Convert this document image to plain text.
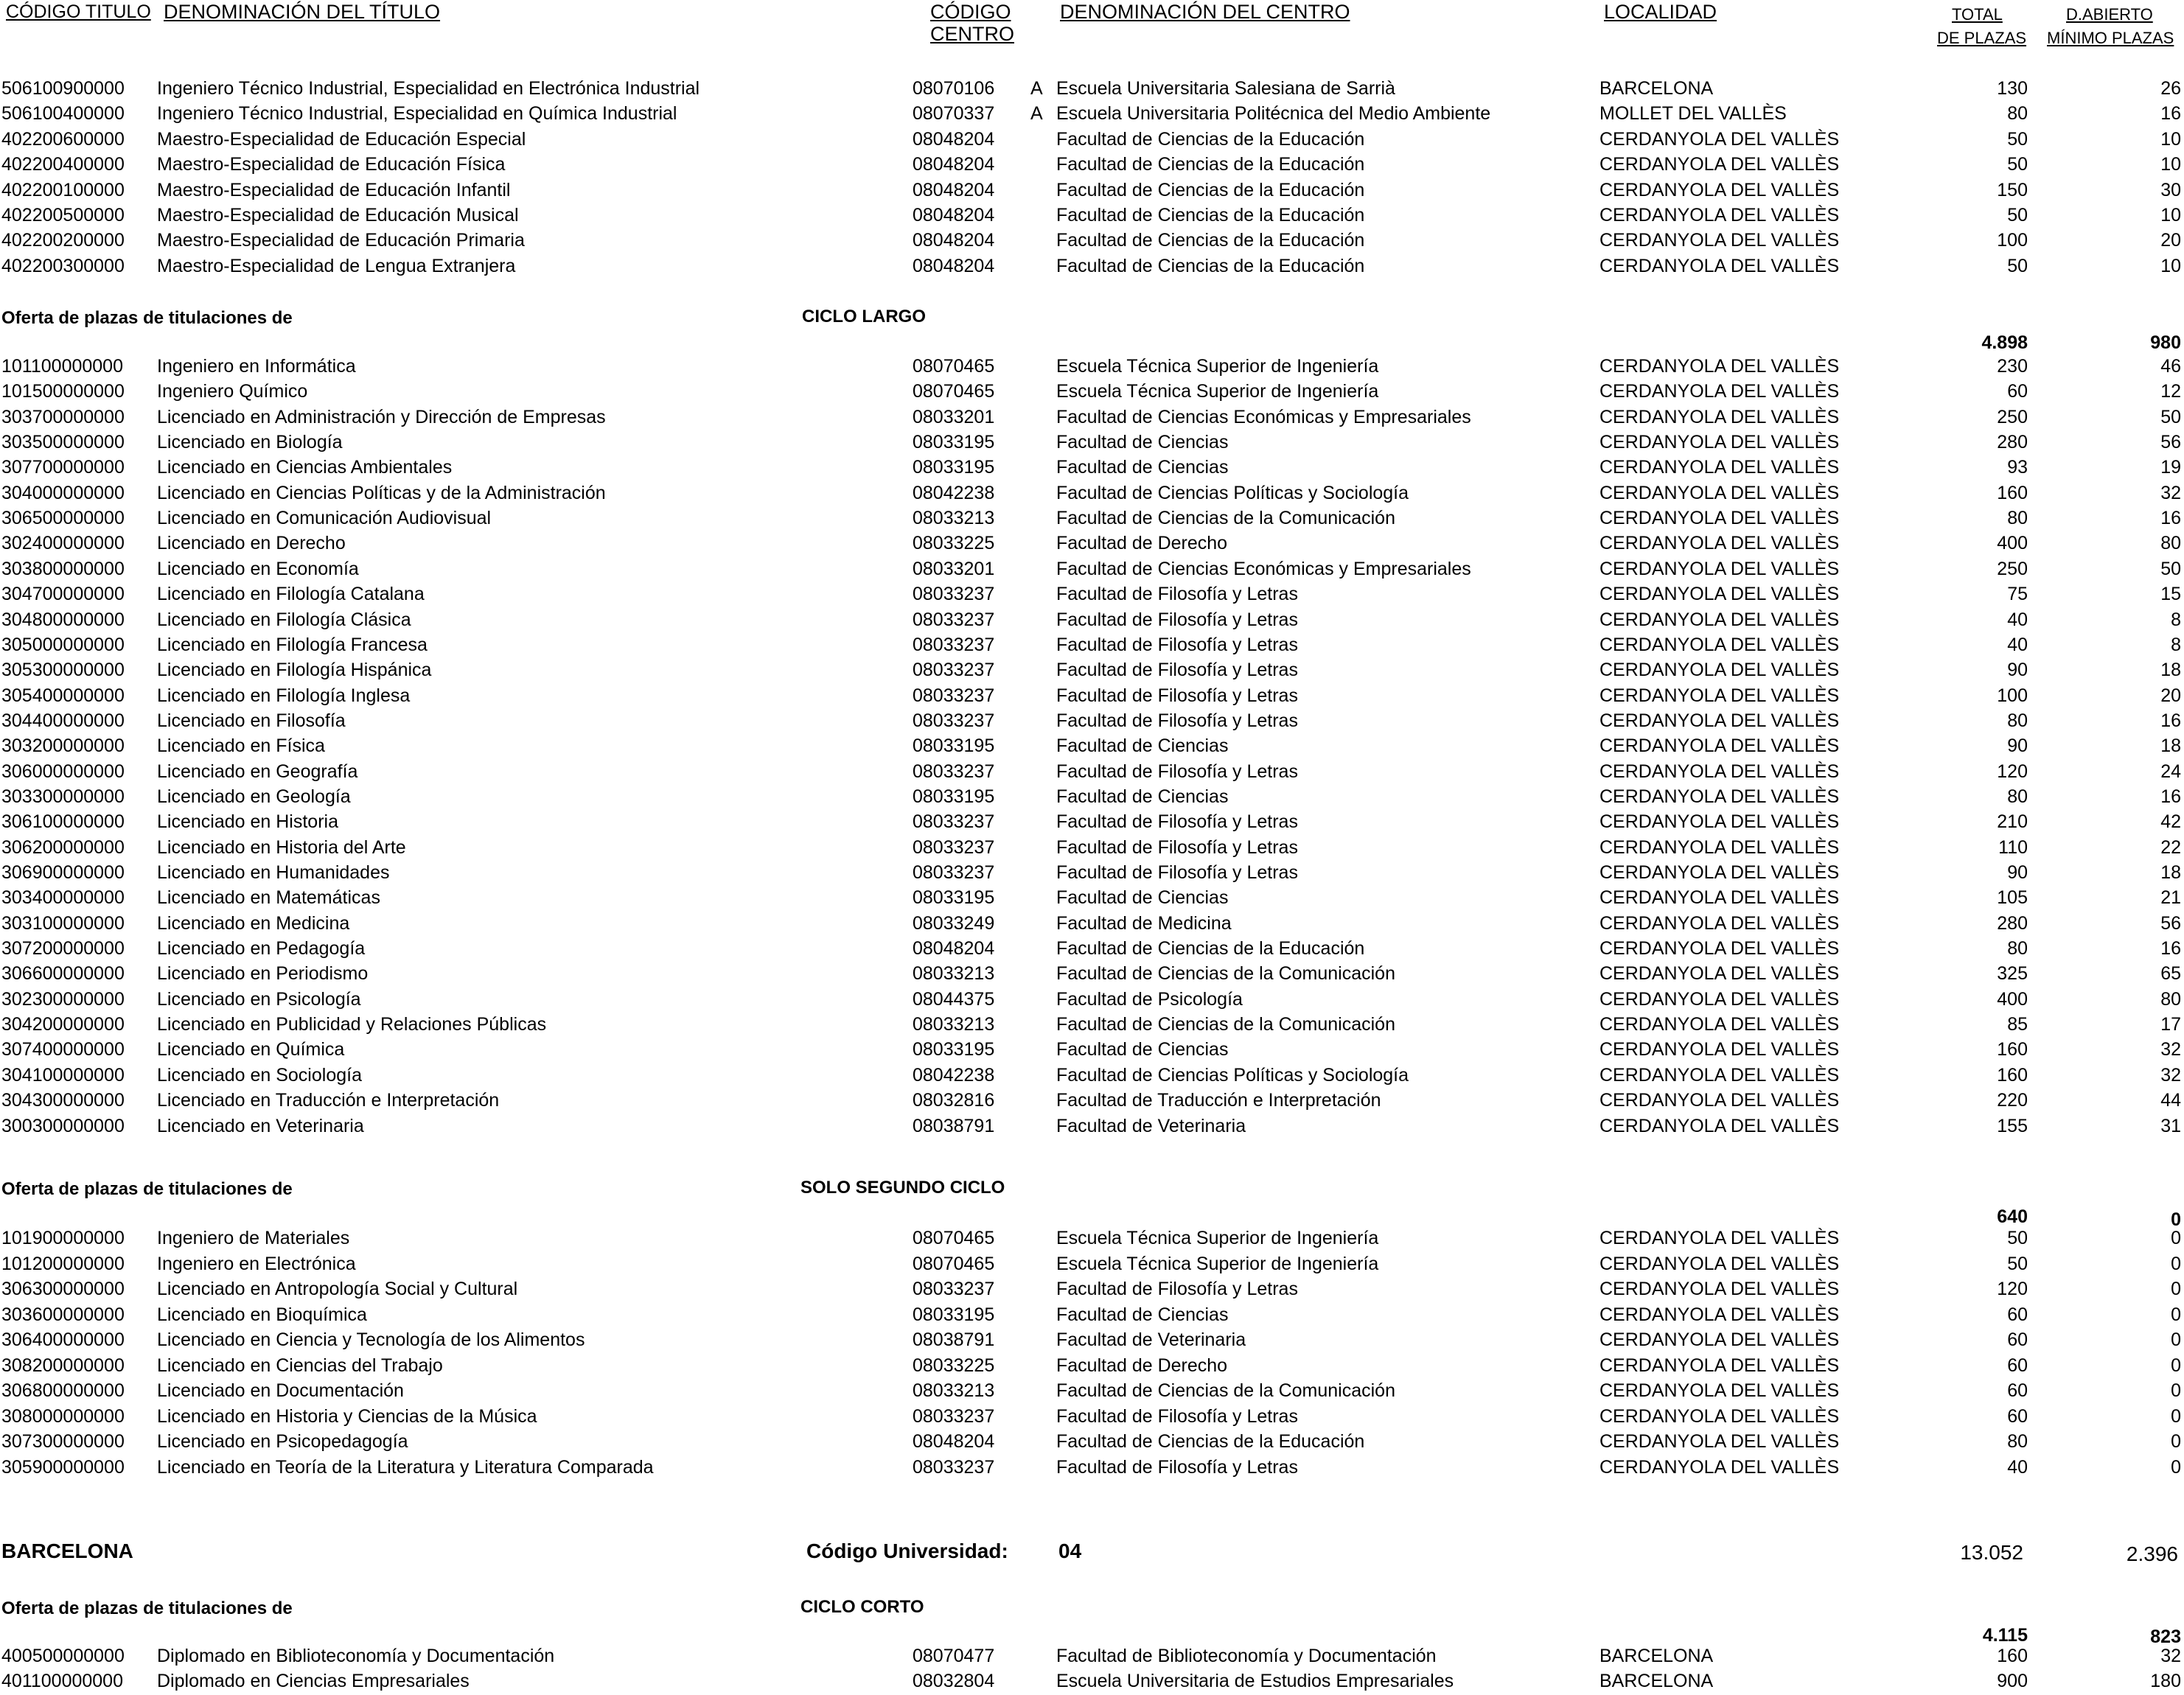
CÓDIGO TITULO DENOMINACIÓN DEL TÍTULO	CÓDIGO
CENTRO
DENOMINACIÓN DEL CENTRO	LOCALIDAD	TOTAL
DE PLAZAS
D.ABIERTO
MÍNIMO PLAZAS
506100900000 Ingeniero Técnico Industrial, Especialidad en Electrónica Industrial	08070106 A Escuela Universitaria Salesiana de Sarrià	BARCELONA	130	26
506100400000 Ingeniero Técnico Industrial, Especialidad en Química Industrial	08070337 A Escuela Universitaria Politécnica del Medio Ambiente	MOLLET DEL VALLÈS	80	16
402200600000 Maestro-Especialidad de Educación Especial	08048204	Facultad de Ciencias de la Educación	CERDANYOLA DEL VALLÈS	50	10
402200400000 Maestro-Especialidad de Educación Física	08048204	Facultad de Ciencias de la Educación	CERDANYOLA DEL VALLÈS	50	10
402200100000 Maestro-Especialidad de Educación Infantil	08048204	Facultad de Ciencias de la Educación	CERDANYOLA DEL VALLÈS	150	30
402200500000 Maestro-Especialidad de Educación Musical	08048204	Facultad de Ciencias de la Educación	CERDANYOLA DEL VALLÈS	50	10
402200200000 Maestro-Especialidad de Educación Primaria	08048204	Facultad de Ciencias de la Educación	CERDANYOLA DEL VALLÈS	100	20
402200300000 Maestro-Especialidad de Lengua Extranjera	08048204	Facultad de Ciencias de la Educación	CERDANYOLA DEL VALLÈS	50	10
Oferta de plazas de titulaciones de	CICLO LARGO
4.898	980
101100000000 Ingeniero en Informática	08070465	Escuela Técnica Superior de Ingeniería	CERDANYOLA DEL VALLÈS	230	46
101500000000 Ingeniero Químico	08070465	Escuela Técnica Superior de Ingeniería	CERDANYOLA DEL VALLÈS	60	12
303700000000 Licenciado en Administración y Dirección de Empresas	08033201	Facultad de Ciencias Económicas y Empresariales	CERDANYOLA DEL VALLÈS	250	50
303500000000 Licenciado en Biología	08033195	Facultad de Ciencias	CERDANYOLA DEL VALLÈS	280	56
307700000000 Licenciado en Ciencias Ambientales	08033195	Facultad de Ciencias	CERDANYOLA DEL VALLÈS	93	19
304000000000 Licenciado en Ciencias Políticas y de la Administración	08042238	Facultad de Ciencias Políticas y Sociología	CERDANYOLA DEL VALLÈS	160	32
306500000000 Licenciado en Comunicación Audiovisual	08033213	Facultad de Ciencias de la Comunicación	CERDANYOLA DEL VALLÈS	80	16
302400000000 Licenciado en Derecho	08033225	Facultad de Derecho	CERDANYOLA DEL VALLÈS	400	80
303800000000 Licenciado en Economía	08033201	Facultad de Ciencias Económicas y Empresariales	CERDANYOLA DEL VALLÈS	250	50
304700000000 Licenciado en Filología Catalana	08033237	Facultad de Filosofía y Letras	CERDANYOLA DEL VALLÈS	75	15
304800000000 Licenciado en Filología Clásica	08033237	Facultad de Filosofía y Letras	CERDANYOLA DEL VALLÈS	40	8
305000000000 Licenciado en Filología Francesa	08033237	Facultad de Filosofía y Letras	CERDANYOLA DEL VALLÈS	40	8
305300000000 Licenciado en Filología Hispánica	08033237	Facultad de Filosofía y Letras	CERDANYOLA DEL VALLÈS	90	18
305400000000 Licenciado en Filología Inglesa	08033237	Facultad de Filosofía y Letras	CERDANYOLA DEL VALLÈS	100	20
304400000000 Licenciado en Filosofía	08033237	Facultad de Filosofía y Letras	CERDANYOLA DEL VALLÈS	80	16
303200000000 Licenciado en Física	08033195	Facultad de Ciencias	CERDANYOLA DEL VALLÈS	90	18
306000000000 Licenciado en Geografía	08033237	Facultad de Filosofía y Letras	CERDANYOLA DEL VALLÈS	120	24
303300000000 Licenciado en Geología	08033195	Facultad de Ciencias	CERDANYOLA DEL VALLÈS	80	16
306100000000 Licenciado en Historia	08033237	Facultad de Filosofía y Letras	CERDANYOLA DEL VALLÈS	210	42
306200000000 Licenciado en Historia del Arte	08033237	Facultad de Filosofía y Letras	CERDANYOLA DEL VALLÈS	110	22
306900000000 Licenciado en Humanidades	08033237	Facultad de Filosofía y Letras	CERDANYOLA DEL VALLÈS	90	18
303400000000 Licenciado en Matemáticas	08033195	Facultad de Ciencias	CERDANYOLA DEL VALLÈS	105	21
303100000000 Licenciado en Medicina	08033249	Facultad de Medicina	CERDANYOLA DEL VALLÈS	280	56
307200000000 Licenciado en Pedagogía	08048204	Facultad de Ciencias de la Educación	CERDANYOLA DEL VALLÈS	80	16
306600000000 Licenciado en Periodismo	08033213	Facultad de Ciencias de la Comunicación	CERDANYOLA DEL VALLÈS	325	65
302300000000 Licenciado en Psicología	08044375	Facultad de Psicología	CERDANYOLA DEL VALLÈS	400	80
304200000000 Licenciado en Publicidad y Relaciones Públicas	08033213	Facultad de Ciencias de la Comunicación	CERDANYOLA DEL VALLÈS	85	17
307400000000 Licenciado en Química	08033195	Facultad de Ciencias	CERDANYOLA DEL VALLÈS	160	32
304100000000 Licenciado en Sociología	08042238	Facultad de Ciencias Políticas y Sociología	CERDANYOLA DEL VALLÈS	160	32
304300000000 Licenciado en Traducción e Interpretación	08032816	Facultad de Traducción e Interpretación	CERDANYOLA DEL VALLÈS	220	44
300300000000 Licenciado en Veterinaria	08038791	Facultad de Veterinaria	CERDANYOLA DEL VALLÈS	155	31
Oferta de plazas de titulaciones de	SOLO SEGUNDO CICLO
640	0
101900000000 Ingeniero de Materiales	08070465	Escuela Técnica Superior de Ingeniería	CERDANYOLA DEL VALLÈS	50	0
101200000000 Ingeniero en Electrónica	08070465	Escuela Técnica Superior de Ingeniería	CERDANYOLA DEL VALLÈS	50	0
306300000000 Licenciado en Antropología Social y Cultural	08033237	Facultad de Filosofía y Letras	CERDANYOLA DEL VALLÈS	120	0
303600000000 Licenciado en Bioquímica	08033195	Facultad de Ciencias	CERDANYOLA DEL VALLÈS	60	0
306400000000 Licenciado en Ciencia y Tecnología de los Alimentos	08038791	Facultad de Veterinaria	CERDANYOLA DEL VALLÈS	60	0
308200000000 Licenciado en Ciencias del Trabajo	08033225	Facultad de Derecho	CERDANYOLA DEL VALLÈS	60	0
306800000000 Licenciado en Documentación	08033213	Facultad de Ciencias de la Comunicación	CERDANYOLA DEL VALLÈS	60	0
308000000000 Licenciado en Historia y Ciencias de la Música	08033237	Facultad de Filosofía y Letras	CERDANYOLA DEL VALLÈS	60	0
307300000000 Licenciado en Psicopedagogía	08048204	Facultad de Ciencias de la Educación	CERDANYOLA DEL VALLÈS	80	0
305900000000 Licenciado en Teoría de la Literatura y Literatura Comparada	08033237	Facultad de Filosofía y Letras	CERDANYOLA DEL VALLÈS	40	0
BARCELONA	Código Universidad: 04	13.052	2.396
Oferta de plazas de titulaciones de	CICLO CORTO
4.115	823
400500000000 Diplomado en Biblioteconomía y Documentación	08070477	Facultad de Biblioteconomía y Documentación	BARCELONA	160	32
401100000000 Diplomado en Ciencias Empresariales	08032804	Escuela Universitaria de Estudios Empresariales	BARCELONA	900	180
